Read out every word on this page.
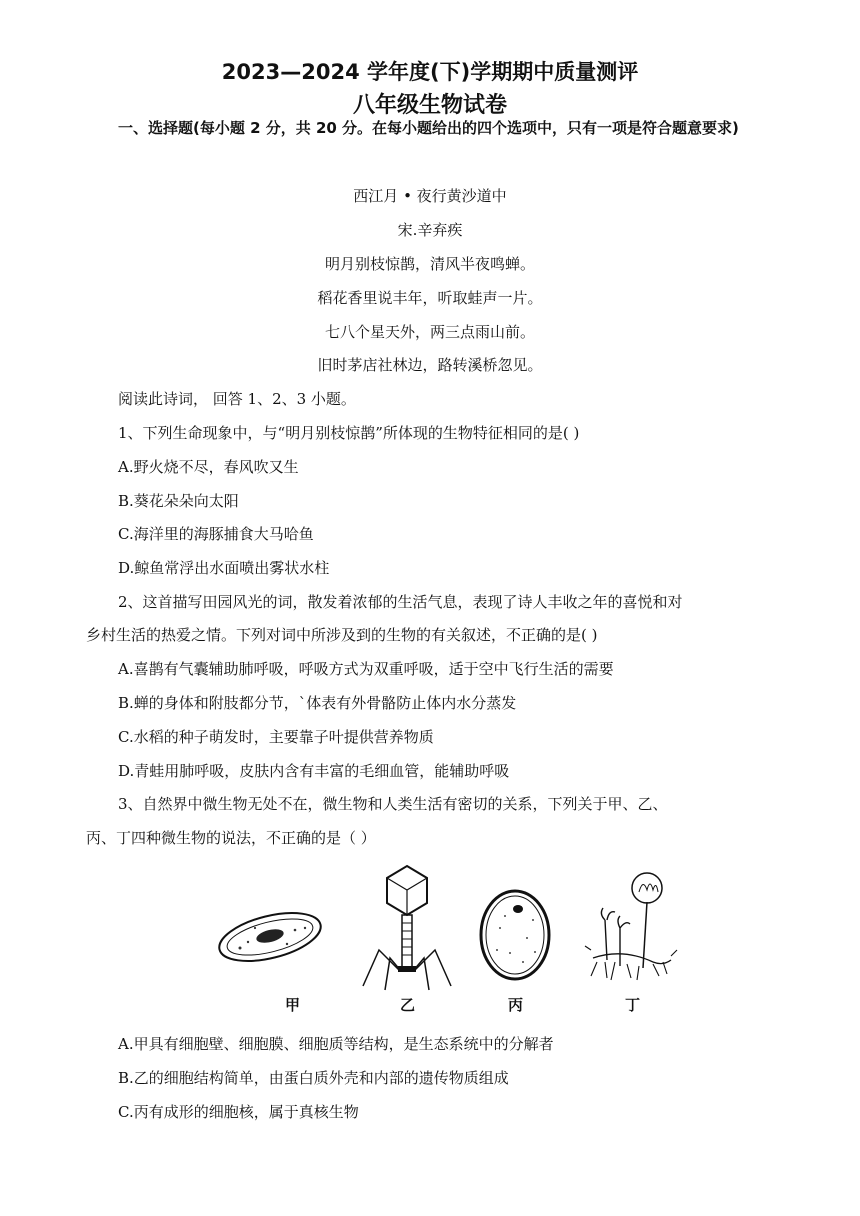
2023—2024 学年度(下)学期期中质量测评
八年级生物试卷
一、选择题(每小题 2 分，共 20 分。在每小题给出的四个选项中，只有一项是符合题意要求)
西江月 • 夜行黄沙道中
宋.辛弃疾
明月别枝惊鹊，清风半夜鸣蝉。
稻花香里说丰年，听取蛙声一片。
七八个星天外，两三点雨山前。
旧时茅店社林边，路转溪桥忽见。
阅读此诗词， 回答 1、2、3 小题。
1、下列生命现象中，与“明月别枝惊鹊”所体现的生物特征相同的是( )
A.野火烧不尽，春风吹又生
B.葵花朵朵向太阳
C.海洋里的海豚捕食大马哈鱼
D.鲸鱼常浮出水面喷出雾状水柱
2、这首描写田园风光的词，散发着浓郁的生活气息，表现了诗人丰收之年的喜悦和对
乡村生活的热爱之情。下列对词中所涉及到的生物的有关叙述，不正确的是( )
A.喜鹊有气囊辅助肺呼吸，呼吸方式为双重呼吸，适于空中飞行生活的需要
B.蝉的身体和附肢都分节，`体表有外骨骼防止体内水分蒸发
C.水稻的种子萌发时，主要靠子叶提供营养物质
D.青蛙用肺呼吸，皮肤内含有丰富的毛细血管，能辅助呼吸
3、自然界中微生物无处不在，微生物和人类生活有密切的关系，下列关于甲、乙、
丙、丁四种微生物的说法，不正确的是（ ）
甲	乙	丙	丁
A.甲具有细胞壁、细胞膜、细胞质等结构，是生态系统中的分解者
B.乙的细胞结构简单，由蛋白质外壳和内部的遗传物质组成
C.丙有成形的细胞核，属于真核生物
